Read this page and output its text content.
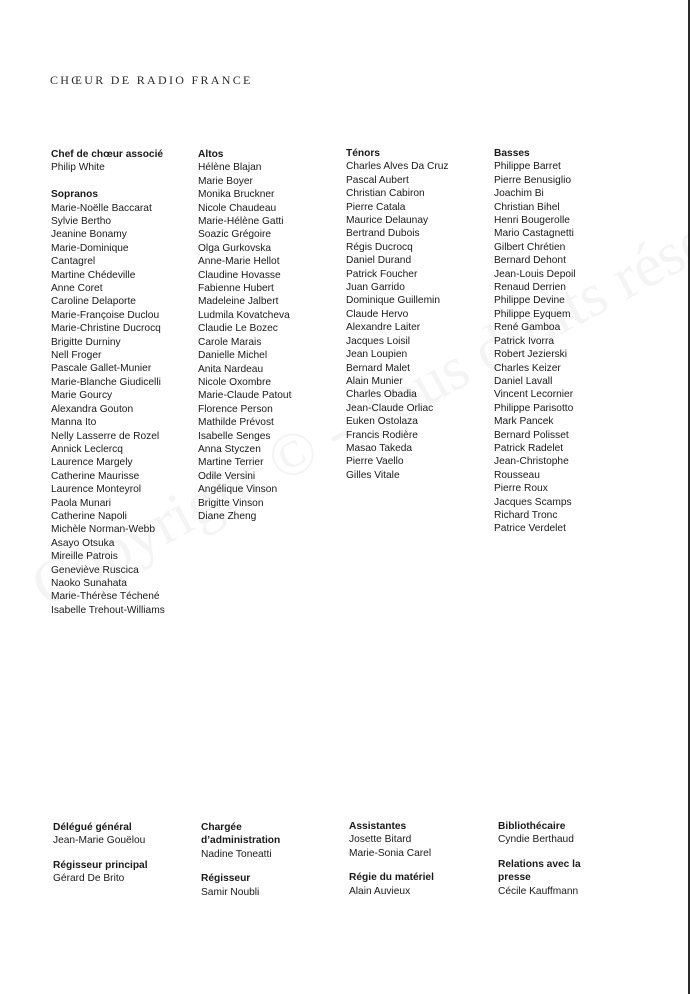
CHŒUR DE RADIO FRANCE
Chef de chœur associé
Philip White
Sopranos
Marie-Noëlle Baccarat
Sylvie Bertho
Jeanine Bonamy
Marie-Dominique
Cantagrel
Martine Chédeville
Anne Coret
Caroline Delaporte
Marie-Françoise Duclou
Marie-Christine Ducrocq
Brigitte Durniny
Nell Froger
Pascale Gallet-Munier
Marie-Blanche Giudicelli
Marie Gourcy
Alexandra Gouton
Manna Ito
Nelly Lasserre de Rozel
Annick Leclercq
Laurence Margely
Catherine Maurisse
Laurence Monteyrol
Paola Munari
Catherine Napoli
Michèle Norman-Webb
Asayo Otsuka
Mireille Patrois
Geneviève Ruscica
Naoko Sunahata
Marie-Thérèse Téchené
Isabelle Trehout-Williams
Altos
Hélène Blajan
Marie Boyer
Monika Bruckner
Nicole Chaudeau
Marie-Hélène Gatti
Soazic Grégoire
Olga Gurkovska
Anne-Marie Hellot
Claudine Hovasse
Fabienne Hubert
Madeleine Jalbert
Ludmila Kovatcheva
Claudie Le Bozec
Carole Marais
Danielle Michel
Anita Nardeau
Nicole Oxombre
Marie-Claude Patout
Florence Person
Mathilde Prévost
Isabelle Senges
Anna Styczen
Martine Terrier
Odile Versini
Angélique Vinson
Brigitte Vinson
Diane Zheng
Ténors
Charles Alves Da Cruz
Pascal Aubert
Christian Cabiron
Pierre Catala
Maurice Delaunay
Bertrand Dubois
Régis Ducrocq
Daniel Durand
Patrick Foucher
Juan Garrido
Dominique Guillemin
Claude Hervo
Alexandre Laiter
Jacques Loisil
Jean Loupien
Bernard Malet
Alain Munier
Charles Obadia
Jean-Claude Orliac
Euken Ostolaza
Francis Rodière
Masao Takeda
Pierre Vaello
Gilles Vitale
Basses
Philippe Barret
Pierre Benusiglio
Joachim Bi
Christian Bihel
Henri Bougerolle
Mario Castagnetti
Gilbert Chrétien
Bernard Dehont
Jean-Louis Depoil
Renaud Derrien
Philippe Devine
Philippe Eyquem
René Gamboa
Patrick Ivorra
Robert Jezierski
Charles Keizer
Daniel Lavall
Vincent Lecornier
Philippe Parisotto
Mark Pancek
Bernard Polisset
Patrick Radelet
Jean-Christophe
Rousseau
Pierre Roux
Jacques Scamps
Richard Tronc
Patrice Verdelet
Délégué général
Jean-Marie Gouëlou
Régisseur principal
Gérard De Brito
Chargée
d’administration
Nadine Toneatti
Régisseur
Samir Noubli
Assistantes
Josette Bitard
Marie-Sonia Carel
Régie du matériel
Alain Auvieux
Bibliothécaire
Cyndie Berthaud
Relations avec la
presse
Cécile Kauffmann
